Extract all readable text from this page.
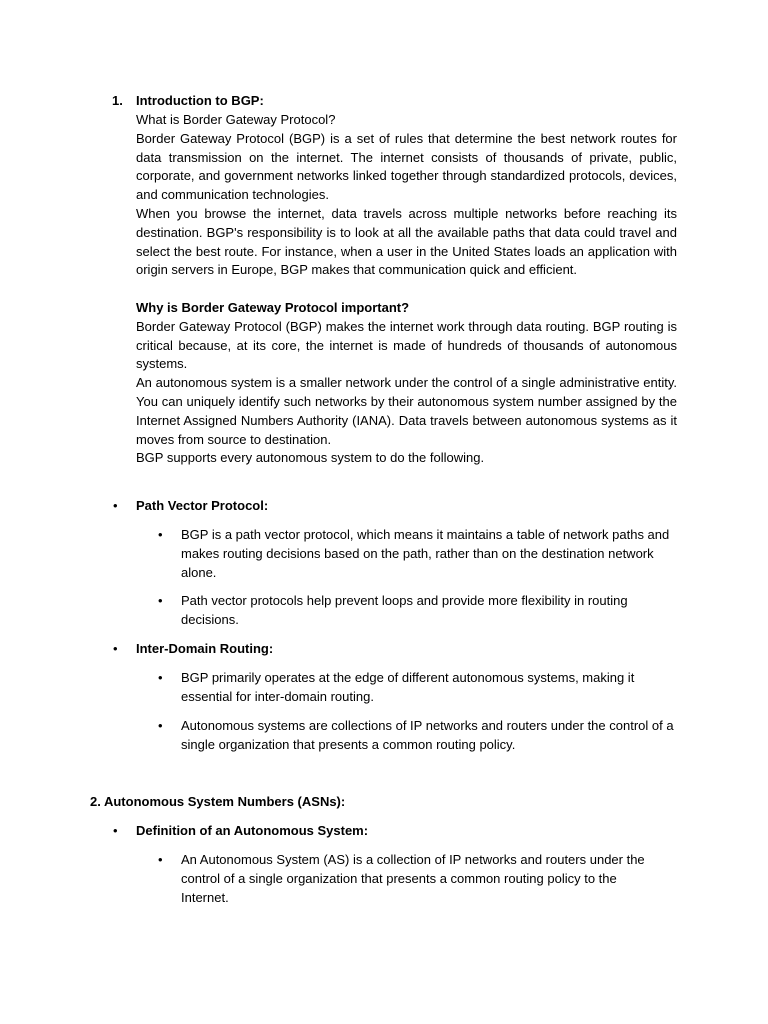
1. Introduction to BGP:

What is Border Gateway Protocol?

Border Gateway Protocol (BGP) is a set of rules that determine the best network routes for data transmission on the internet. The internet consists of thousands of private, public, corporate, and government networks linked together through standardized protocols, devices, and communication technologies.

When you browse the internet, data travels across multiple networks before reaching its destination. BGP's responsibility is to look at all the available paths that data could travel and select the best route. For instance, when a user in the United States loads an application with origin servers in Europe, BGP makes that communication quick and efficient.

Why is Border Gateway Protocol important?

Border Gateway Protocol (BGP) makes the internet work through data routing. BGP routing is critical because, at its core, the internet is made of hundreds of thousands of autonomous systems.

An autonomous system is a smaller network under the control of a single administrative entity. You can uniquely identify such networks by their autonomous system number assigned by the Internet Assigned Numbers Authority (IANA). Data travels between autonomous systems as it moves from source to destination.

BGP supports every autonomous system to do the following.

• Path Vector Protocol:
• BGP is a path vector protocol, which means it maintains a table of network paths and makes routing decisions based on the path, rather than on the destination network alone.
• Path vector protocols help prevent loops and provide more flexibility in routing decisions.
• Inter-Domain Routing:
• BGP primarily operates at the edge of different autonomous systems, making it essential for inter-domain routing.
• Autonomous systems are collections of IP networks and routers under the control of a single organization that presents a common routing policy.
2. Autonomous System Numbers (ASNs):
• Definition of an Autonomous System:
• An Autonomous System (AS) is a collection of IP networks and routers under the control of a single organization that presents a common routing policy to the Internet.
